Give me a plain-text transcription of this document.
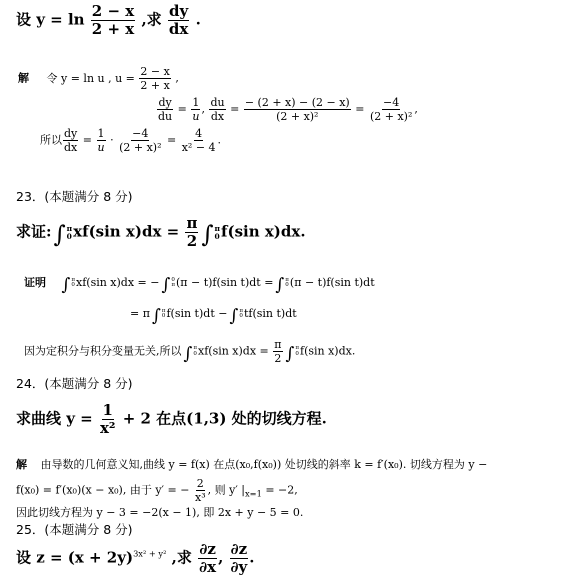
设 $y = \ln \frac{2 - x}{2 + x}$ ,求 $\frac{dy}{dx}$ .
解 令 y = ln u , $u = \frac{2 - x}{2 + x}$ ,
$\frac{dy}{du} = \frac{1}{u}$ , $\frac{du}{dx} = \frac{- (2 + x) - (2 - x)}{\text{(2 + x)²}} = \frac{-4}{\text{(2 + x)²}}$ ,
所以 $\frac{dy}{dx} = \frac{1}{u} \cdot \frac{-4}{\text{(2 + x)²}} = \frac{4}{\text{x² − 4}}$ .
23．(本题满分 8 分)
求证:∫ π
0 xf(sin $x)dx = \frac{\pi}{2}$ ∫ π
0 f(sin x)dx.
证明 ∫ π
0 xf(sin x)dx = − ∫ 0
π (π − t)f(sin t)dt = ∫ π
0 (π − t)f(sin t)dt
= π ∫ π
0 f(sin t)dt − ∫ π
0 tf(sin t)dt
因为定积分与积分变量无关,所以 ∫ π
0 xf(sin $x)dx = \frac{\pi}{2}$ ∫ π
0 f(sin x)dx.
24．(本题满分 8 分)
求曲线 $y = \frac{1}{\text{x²}} + 2$ 在点(1,3) 处的切线方程.
解 由导数的几何意义知,曲线 y = f(x) 在点(x₀,f(x₀)) 处切线的斜率 k = f′(x₀). 切线方程为 y −
f(x₀) = f′(x₀)(x − x₀), 由于 y′ = − $\frac{2}{\text{x³}}$ , 则 y′ $|_{x=1} = -2$,
因此切线方程为 y − 3 = −2(x − 1), 即 2x + y − 5 = 0.
25．(本题满分 8 分)
设 $z = (x + 2y)^{3x^2 + y^2}$ ,求 $\frac{\partial z}{\partial x}$ , $\frac{\partial z}{\partial y}$ .
